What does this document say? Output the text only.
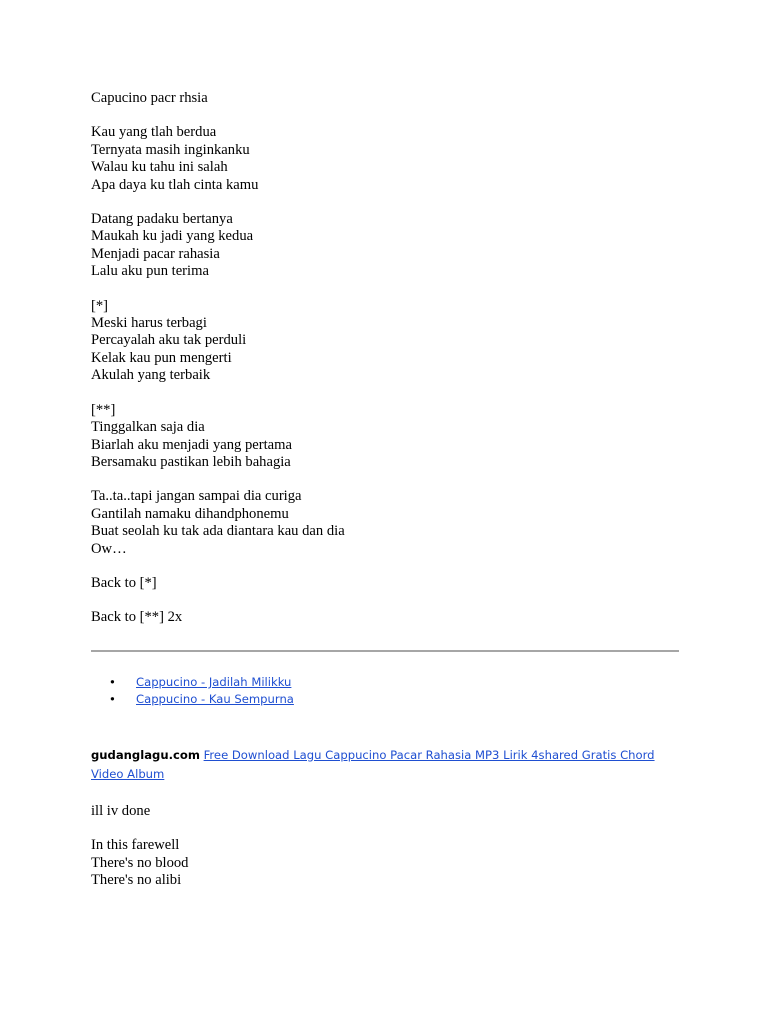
Capucino pacr rhsia
Kau yang tlah berdua
Ternyata masih inginkanku
Walau ku tahu ini salah
Apa daya ku tlah cinta kamu
Datang padaku bertanya
Maukah ku jadi yang kedua
Menjadi pacar rahasia
Lalu aku pun terima
[*]
Meski harus terbagi
Percayalah aku tak perduli
Kelak kau pun mengerti
Akulah yang terbaik
[**]
Tinggalkan saja dia
Biarlah aku menjadi yang pertama
Bersamaku pastikan lebih bahagia
Ta..ta..tapi jangan sampai dia curiga
Gantilah namaku dihandphonemu
Buat seolah ku tak ada diantara kau dan dia
Ow…
Back to [*]
Back to [**] 2x
• Cappucino - Jadilah Milikku
• Cappucino - Kau Sempurna
gudanglagu.com Free Download Lagu Cappucino Pacar Rahasia MP3 Lirik 4shared Gratis Chord Video Album
ill iv done
In this farewell
There's no blood
There's no alibi
